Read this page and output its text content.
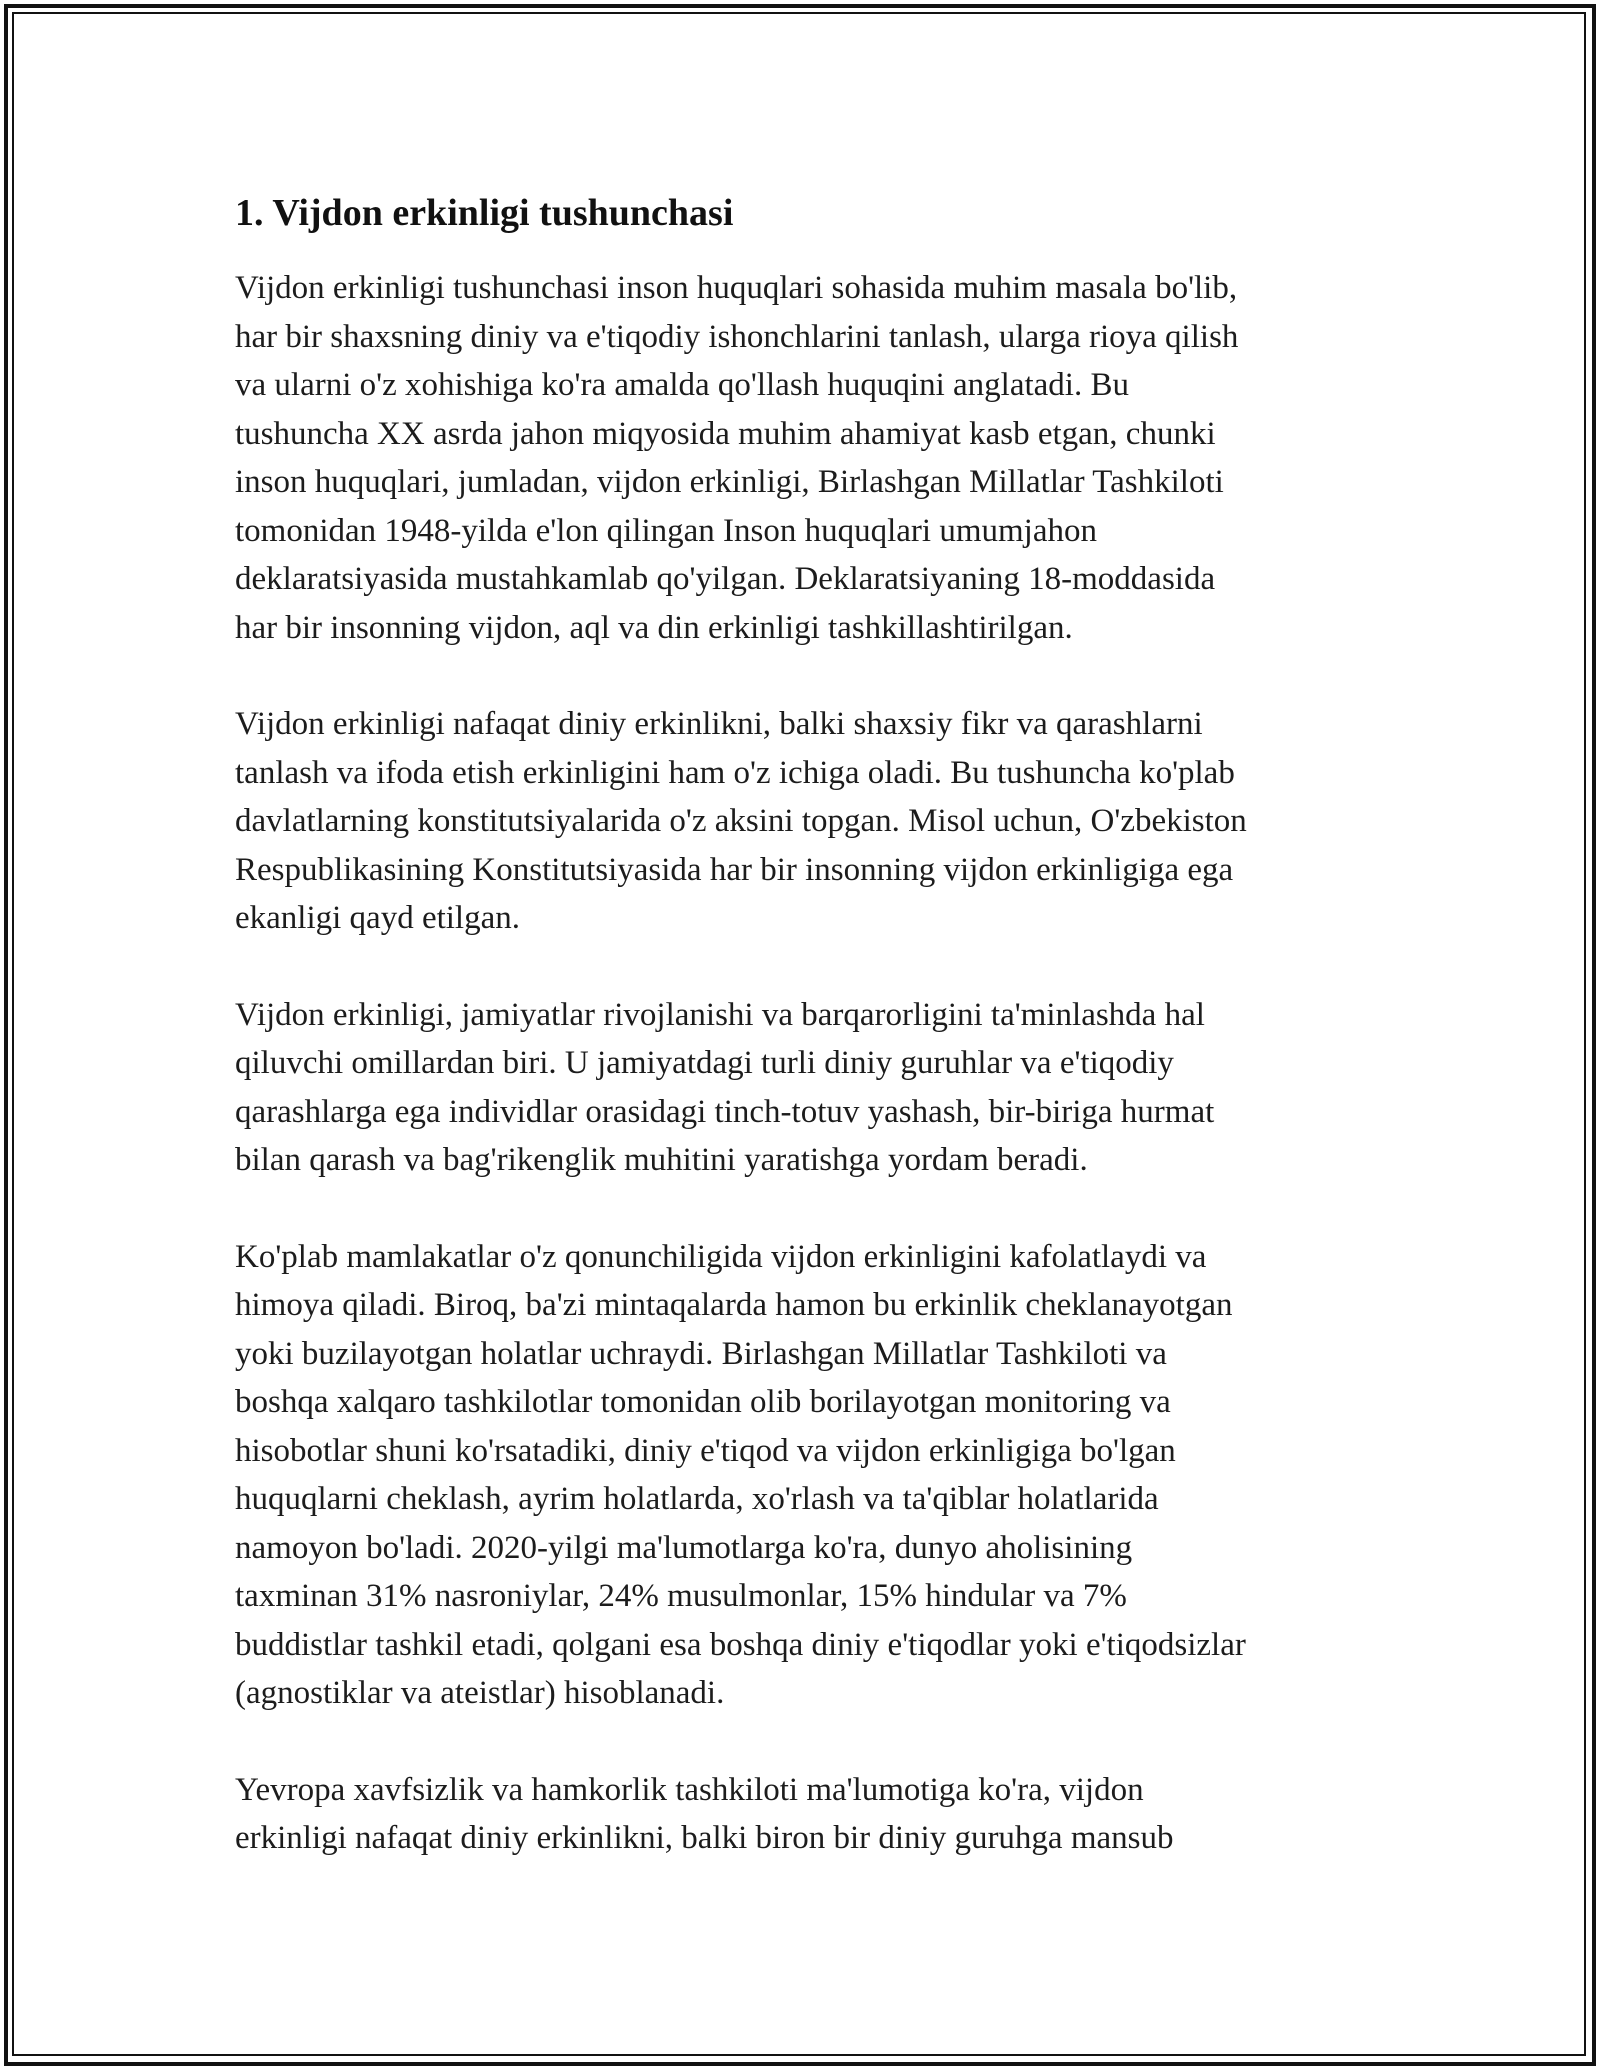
1. Vijdon erkinligi tushunchasi

Vijdon erkinligi tushunchasi inson huquqlari sohasida muhim masala bo'lib,
har bir shaxsning diniy va e'tiqodiy ishonchlarini tanlash, ularga rioya qilish
va ularni o'z xohishiga ko'ra amalda qo'llash huquqini anglatadi. Bu
tushuncha XX asrda jahon miqyosida muhim ahamiyat kasb etgan, chunki
inson huquqlari, jumladan, vijdon erkinligi, Birlashgan Millatlar Tashkiloti
tomonidan 1948-yilda e'lon qilingan Inson huquqlari umumjahon
deklaratsiyasida mustahkamlab qo'yilgan. Deklaratsiyaning 18-moddasida
har bir insonning vijdon, aql va din erkinligi tashkillashtirilgan.

Vijdon erkinligi nafaqat diniy erkinlikni, balki shaxsiy fikr va qarashlarni
tanlash va ifoda etish erkinligini ham o'z ichiga oladi. Bu tushuncha ko'plab
davlatlarning konstitutsiyalarida o'z aksini topgan. Misol uchun, O'zbekiston
Respublikasining Konstitutsiyasida har bir insonning vijdon erkinligiga ega
ekanligi qayd etilgan.

Vijdon erkinligi, jamiyatlar rivojlanishi va barqarorligini ta'minlashda hal
qiluvchi omillardan biri. U jamiyatdagi turli diniy guruhlar va e'tiqodiy
qarashlarga ega individlar orasidagi tinch-totuv yashash, bir-biriga hurmat
bilan qarash va bag'rikenglik muhitini yaratishga yordam beradi.

Ko'plab mamlakatlar o'z qonunchiligida vijdon erkinligini kafolatlaydi va
himoya qiladi. Biroq, ba'zi mintaqalarda hamon bu erkinlik cheklanayotgan
yoki buzilayotgan holatlar uchraydi. Birlashgan Millatlar Tashkiloti va
boshqa xalqaro tashkilotlar tomonidan olib borilayotgan monitoring va
hisobotlar shuni ko'rsatadiki, diniy e'tiqod va vijdon erkinligiga bo'lgan
huquqlarni cheklash, ayrim holatlarda, xo'rlash va ta'qiblar holatlarida
namoyon bo'ladi. 2020-yilgi ma'lumotlarga ko'ra, dunyo aholisining
taxminan 31% nasroniylar, 24% musulmonlar, 15% hindular va 7%
buddistlar tashkil etadi, qolgani esa boshqa diniy e'tiqodlar yoki e'tiqodsizlar
(agnostiklar va ateistlar) hisoblanadi.

Yevropa xavfsizlik va hamkorlik tashkiloti ma'lumotiga ko'ra, vijdon
erkinligi nafaqat diniy erkinlikni, balki biron bir diniy guruhga mansub
